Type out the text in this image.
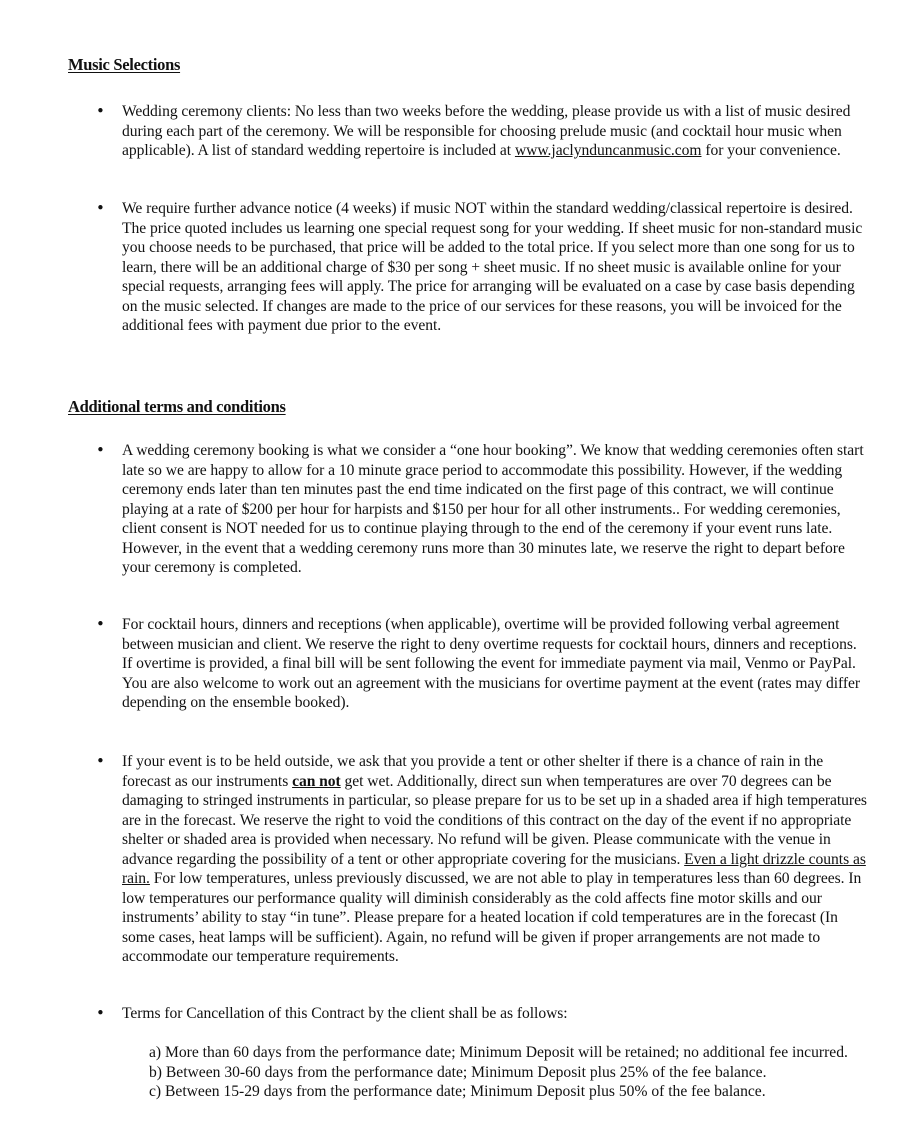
Music Selections
• Wedding ceremony clients: No less than two weeks before the wedding, please provide us with a list of music desired during each part of the ceremony. We will be responsible for choosing prelude music (and cocktail hour music when applicable). A list of standard wedding repertoire is included at www.jaclynduncanmusic.com for your convenience.
• We require further advance notice (4 weeks) if music NOT within the standard wedding/classical repertoire is desired. The price quoted includes us learning one special request song for your wedding. If sheet music for non-standard music you choose needs to be purchased, that price will be added to the total price. If you select more than one song for us to learn, there will be an additional charge of $30 per song + sheet music. If no sheet music is available online for your special requests, arranging fees will apply. The price for arranging will be evaluated on a case by case basis depending on the music selected. If changes are made to the price of our services for these reasons, you will be invoiced for the additional fees with payment due prior to the event.
Additional terms and conditions
• A wedding ceremony booking is what we consider a “one hour booking”. We know that wedding ceremonies often start late so we are happy to allow for a 10 minute grace period to accommodate this possibility. However, if the wedding ceremony ends later than ten minutes past the end time indicated on the first page of this contract, we will continue playing at a rate of $200 per hour for harpists and $150 per hour for all other instruments.. For wedding ceremonies, client consent is NOT needed for us to continue playing through to the end of the ceremony if your event runs late. However, in the event that a wedding ceremony runs more than 30 minutes late, we reserve the right to depart before your ceremony is completed.
• For cocktail hours, dinners and receptions (when applicable), overtime will be provided following verbal agreement between musician and client. We reserve the right to deny overtime requests for cocktail hours, dinners and receptions. If overtime is provided, a final bill will be sent following the event for immediate payment via mail, Venmo or PayPal. You are also welcome to work out an agreement with the musicians for overtime payment at the event (rates may differ depending on the ensemble booked).
• If your event is to be held outside, we ask that you provide a tent or other shelter if there is a chance of rain in the forecast as our instruments can not get wet. Additionally, direct sun when temperatures are over 70 degrees can be damaging to stringed instruments in particular, so please prepare for us to be set up in a shaded area if high temperatures are in the forecast. We reserve the right to void the conditions of this contract on the day of the event if no appropriate shelter or shaded area is provided when necessary. No refund will be given. Please communicate with the venue in advance regarding the possibility of a tent or other appropriate covering for the musicians. Even a light drizzle counts as rain. For low temperatures, unless previously discussed, we are not able to play in temperatures less than 60 degrees. In low temperatures our performance quality will diminish considerably as the cold affects fine motor skills and our instruments’ ability to stay “in tune”. Please prepare for a heated location if cold temperatures are in the forecast (In some cases, heat lamps will be sufficient). Again, no refund will be given if proper arrangements are not made to accommodate our temperature requirements.
• Terms for Cancellation of this Contract by the client shall be as follows:
a) More than 60 days from the performance date; Minimum Deposit will be retained; no additional fee incurred.
b) Between 30-60 days from the performance date; Minimum Deposit plus 25% of the fee balance.
c) Between 15-29 days from the performance date; Minimum Deposit plus 50% of the fee balance.
